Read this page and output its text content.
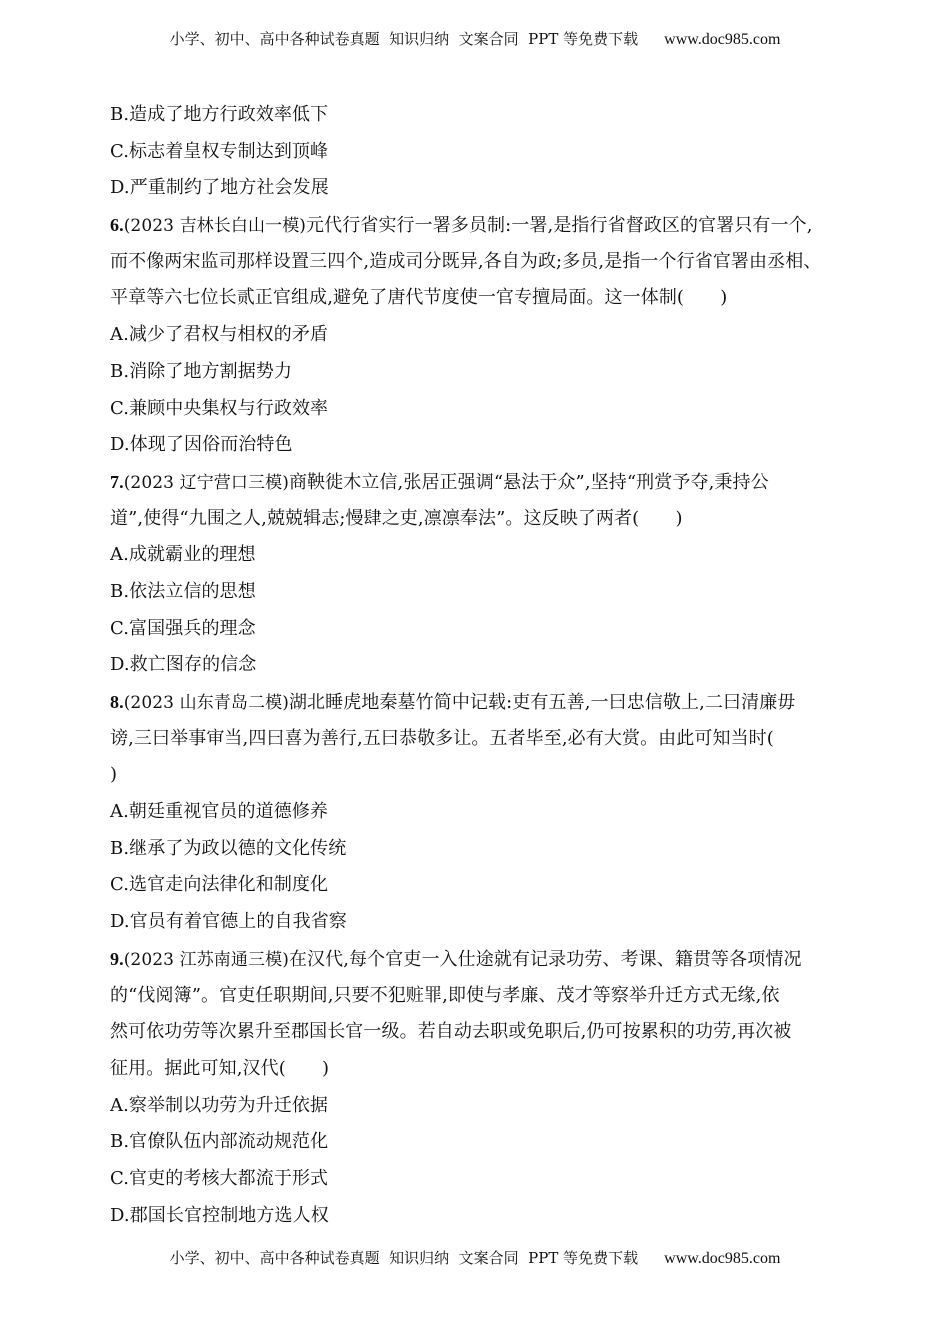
小学、初中、高中各种试卷真题  知识归纳  文案合同  PPT 等免费下载 www.doc985.com
B.造成了地方行政效率低下
C.标志着皇权专制达到顶峰
D.严重制约了地方社会发展
6.(2023 吉林长白山一模)元代行省实行一署多员制:一署,是指行省督政区的官署只有一个,
而不像两宋监司那样设置三四个,造成司分既异,各自为政;多员,是指一个行省官署由丞相、
平章等六七位长贰正官组成,避免了唐代节度使一官专擅局面。这一体制(　　)
A.减少了君权与相权的矛盾
B.消除了地方割据势力
C.兼顾中央集权与行政效率
D.体现了因俗而治特色
7.(2023 辽宁营口三模)商鞅徙木立信,张居正强调“悬法于众”,坚持“刑赏予夺,秉持公
道”,使得“九围之人,兢兢辑志;慢肆之吏,凛凛奉法”。这反映了两者(　　)
A.成就霸业的理想
B.依法立信的思想
C.富国强兵的理念
D.救亡图存的信念
8.(2023 山东青岛二模)湖北睡虎地秦墓竹简中记载:吏有五善,一曰忠信敬上,二曰清廉毋
谤,三曰举事审当,四曰喜为善行,五曰恭敬多让。五者毕至,必有大赏。由此可知当时(
)
A.朝廷重视官员的道德修养
B.继承了为政以德的文化传统
C.选官走向法律化和制度化
D.官员有着官德上的自我省察
9.(2023 江苏南通三模)在汉代,每个官吏一入仕途就有记录功劳、考课、籍贯等各项情况
的“伐阅簿”。官吏任职期间,只要不犯赃罪,即使与孝廉、茂才等察举升迁方式无缘,依
然可依功劳等次累升至郡国长官一级。若自动去职或免职后,仍可按累积的功劳,再次被
征用。据此可知,汉代(　　)
A.察举制以功劳为升迁依据
B.官僚队伍内部流动规范化
C.官吏的考核大都流于形式
D.郡国长官控制地方选人权
小学、初中、高中各种试卷真题  知识归纳  文案合同  PPT 等免费下载 www.doc985.com
